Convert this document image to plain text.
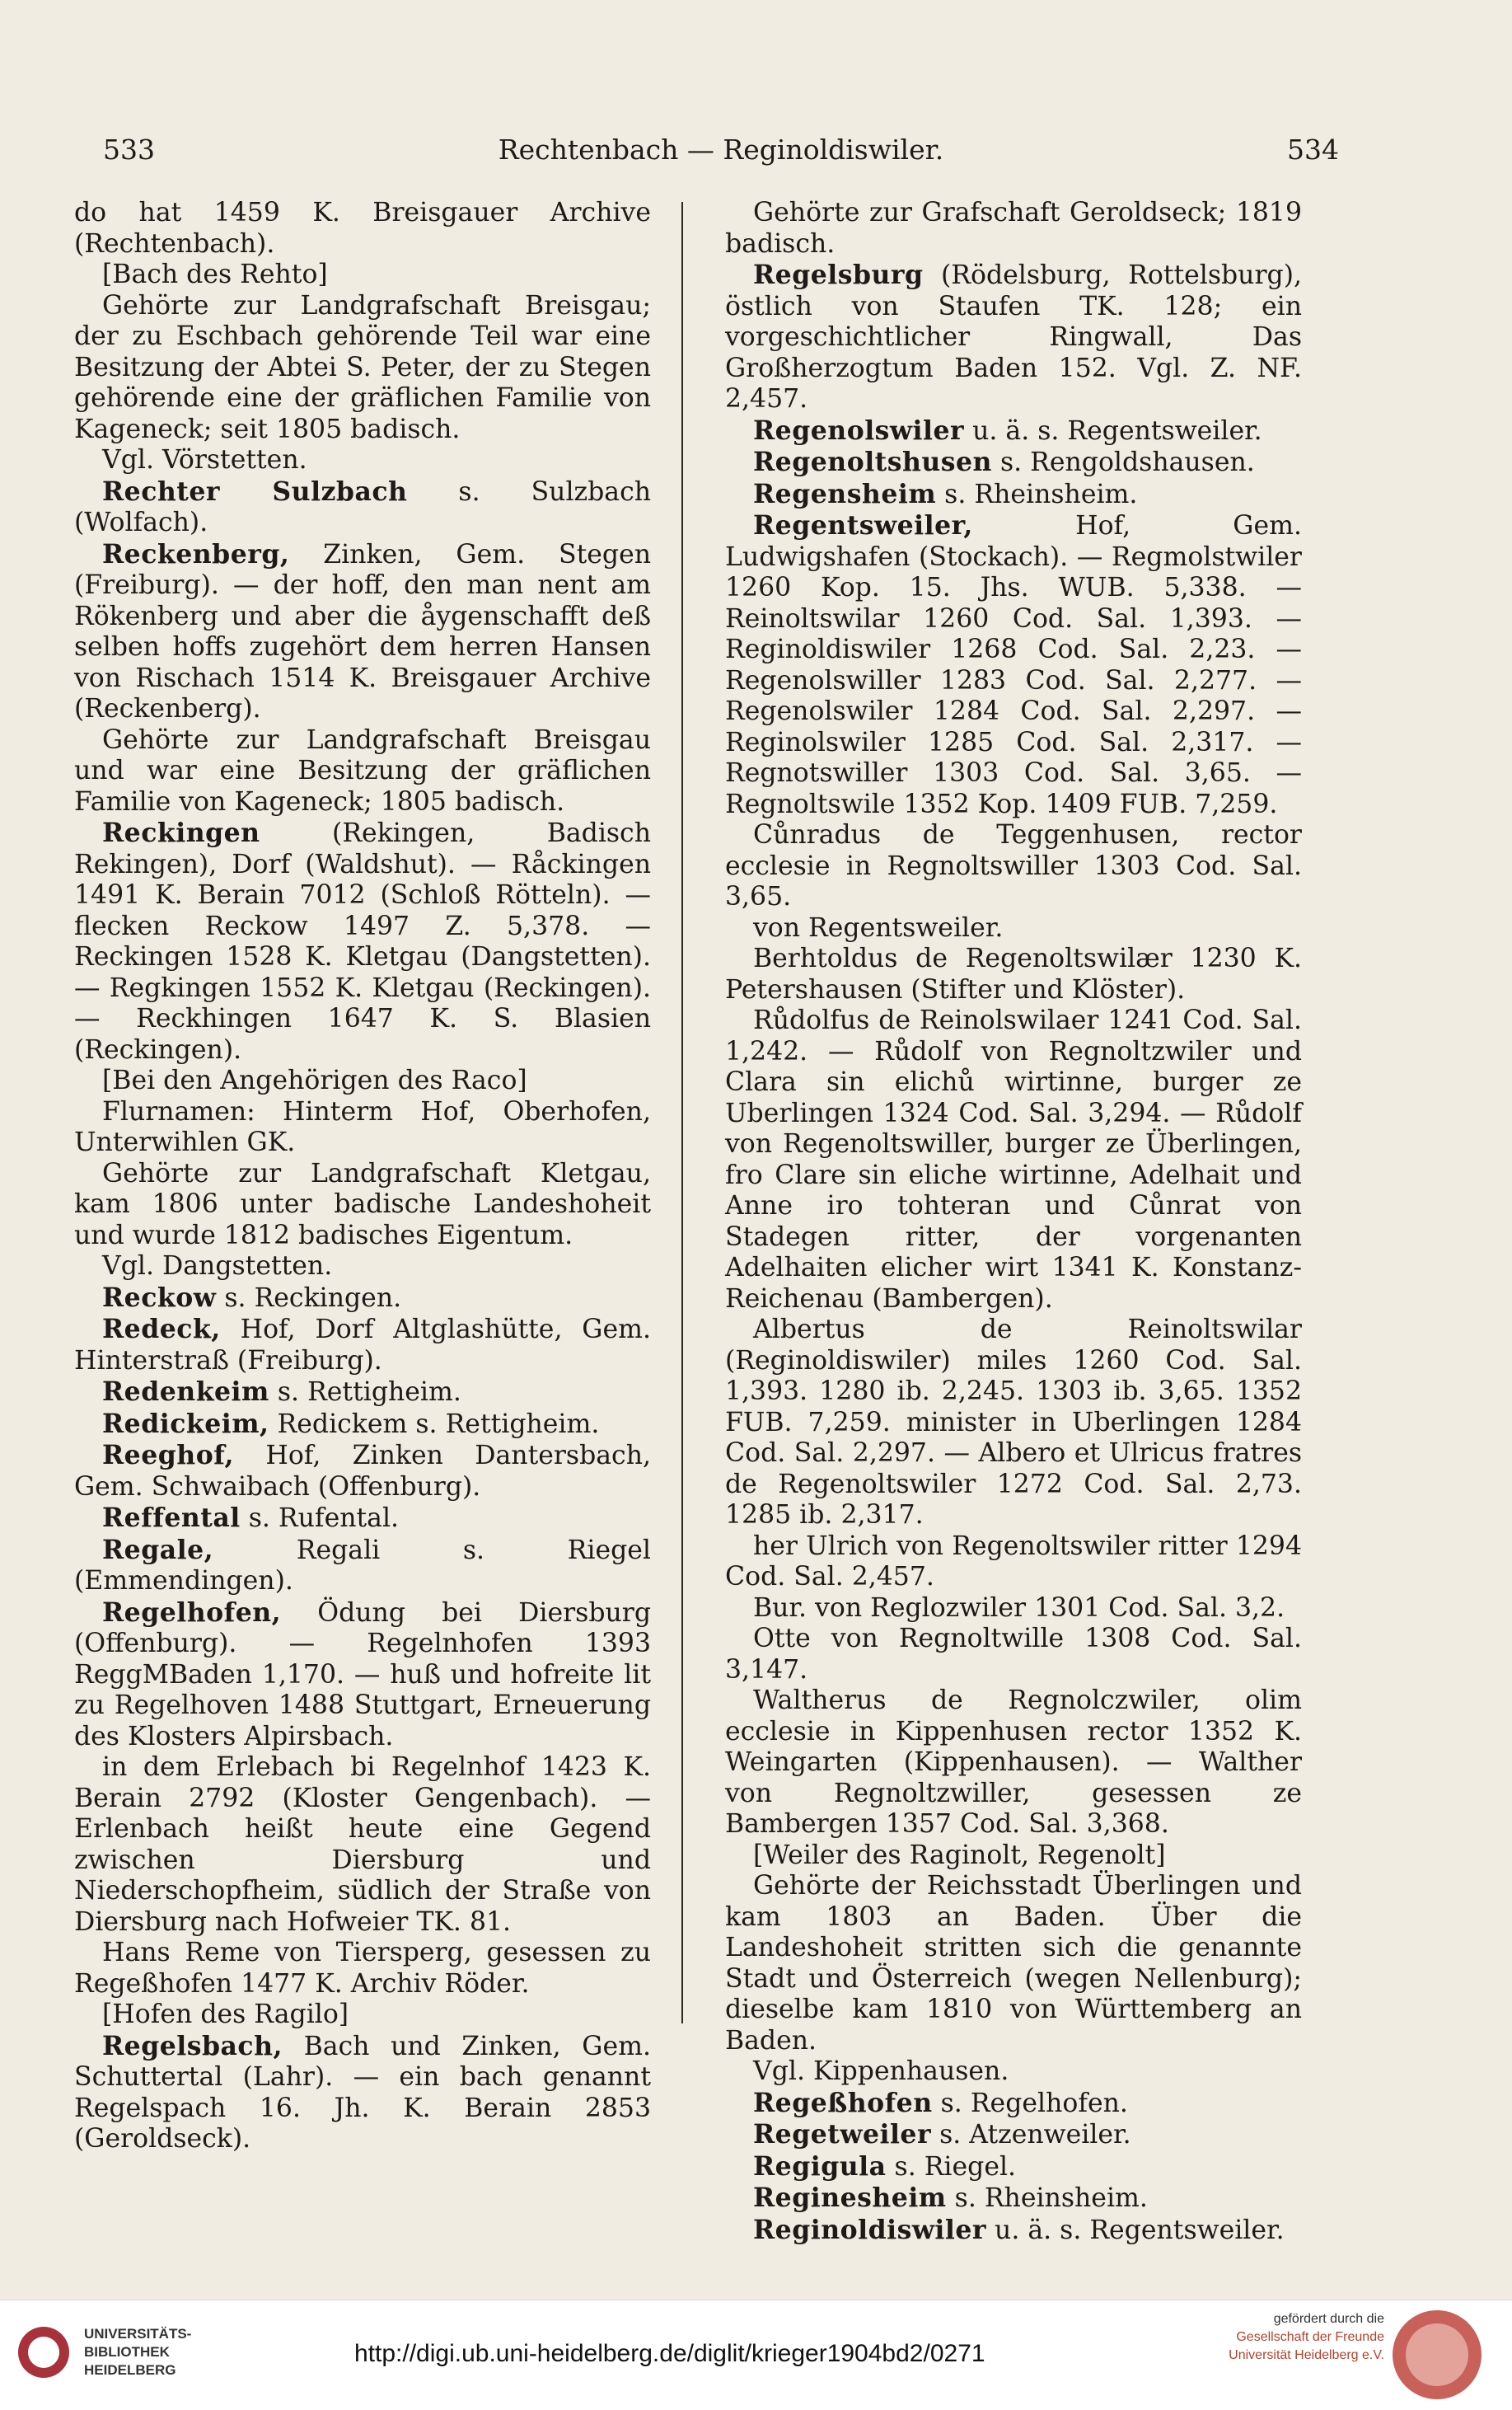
533	Rechtenbach — Reginoldiswiler.	534

do hat 1459 K. Breisgauer Archive (Rechtenbach).

[Bach des Rehto]

Gehörte zur Landgrafschaft Breisgau; der zu Eschbach gehörende Teil war eine Besitzung der Abtei S. Peter, der zu Stegen gehörende eine der gräflichen Familie von Kageneck; seit 1805 badisch.

Vgl. Vörstetten.

Rechter Sulzbach s. Sulzbach (Wolfach).

Reckenberg, Zinken, Gem. Stegen (Freiburg). — der hoff, den man nent am Rökenberg und aber die åygenschafft deß selben hoffs zugehört dem herren Hansen von Rischach 1514 K. Breisgauer Archive (Reckenberg).

Gehörte zur Landgrafschaft Breisgau und war eine Besitzung der gräflichen Familie von Kageneck; 1805 badisch.

Reckingen (Rekingen, Badisch Rekingen), Dorf (Waldshut). — Råckingen 1491 K. Berain 7012 (Schloß Rötteln). — flecken Reckow 1497 Z. 5,378. — Reckingen 1528 K. Kletgau (Dangstetten). — Regkingen 1552 K. Kletgau (Reckingen). — Reckhingen 1647 K. S. Blasien (Reckingen).

[Bei den Angehörigen des Raco]

Flurnamen: Hinterm Hof, Oberhofen, Unterwihlen GK.

Gehörte zur Landgrafschaft Kletgau, kam 1806 unter badische Landeshoheit und wurde 1812 badisches Eigentum.

Vgl. Dangstetten.

Reckow s. Reckingen.

Redeck, Hof, Dorf Altglashütte, Gem. Hinterstraß (Freiburg).

Redenkeim s. Rettigheim.

Redickeim, Redickem s. Rettigheim.

Reeghof, Hof, Zinken Dantersbach, Gem. Schwaibach (Offenburg).

Reffental s. Rufental.

Regale, Regali s. Riegel (Emmendingen).

Regelhofen, Ödung bei Diersburg (Offenburg). — Regelnhofen 1393 ReggMBaden 1,170. — huß und hofreite lit zu Regelhoven 1488 Stuttgart, Erneuerung des Klosters Alpirsbach.

in dem Erlebach bi Regelnhof 1423 K. Berain 2792 (Kloster Gengenbach). — Erlenbach heißt heute eine Gegend zwischen Diersburg und Niederschopfheim, südlich der Straße von Diersburg nach Hofweier TK. 81.

Hans Reme von Tiersperg, gesessen zu Regeßhofen 1477 K. Archiv Röder.

[Hofen des Ragilo]

Regelsbach, Bach und Zinken, Gem. Schuttertal (Lahr). — ein bach genannt Regelspach 16. Jh. K. Berain 2853 (Geroldseck).

Gehörte zur Grafschaft Geroldseck; 1819 badisch.

Regelsburg (Rödelsburg, Rottelsburg), östlich von Staufen TK. 128; ein vorgeschichtlicher Ringwall, Das Großherzogtum Baden 152. Vgl. Z. NF. 2,457.

Regenolswiler u. ä. s. Regentsweiler.

Regenoltshusen s. Rengoldshausen.

Regensheim s. Rheinsheim.

Regentsweiler, Hof, Gem. Ludwigshafen (Stockach). — Regmolstwiler 1260 Kop. 15. Jhs. WUB. 5,338. — Reinoltswilar 1260 Cod. Sal. 1,393. — Reginoldiswiler 1268 Cod. Sal. 2,23. — Regenolswiller 1283 Cod. Sal. 2,277. — Regenolswiler 1284 Cod. Sal. 2,297. — Reginolswiler 1285 Cod. Sal. 2,317. — Regnotswiller 1303 Cod. Sal. 3,65. — Regnoltswile 1352 Kop. 1409 FUB. 7,259.

Cůnradus de Teggenhusen, rector ecclesie in Regnoltswiller 1303 Cod. Sal. 3,65.

von Regentsweiler.

Berhtoldus de Regenoltswilær 1230 K. Petershausen (Stifter und Klöster).

Růdolfus de Reinolswilaer 1241 Cod. Sal. 1,242. — Růdolf von Regnoltzwiler und Clara sin elichů wirtinne, burger ze Uberlingen 1324 Cod. Sal. 3,294. — Růdolf von Regenoltswiller, burger ze Überlingen, fro Clare sin eliche wirtinne, Adelhait und Anne iro tohteran und Cůnrat von Stadegen ritter, der vorgenanten Adelhaiten elicher wirt 1341 K. Konstanz-Reichenau (Bambergen).

Albertus de Reinoltswilar (Reginoldiswiler) miles 1260 Cod. Sal. 1,393. 1280 ib. 2,245. 1303 ib. 3,65. 1352 FUB. 7,259. minister in Uberlingen 1284 Cod. Sal. 2,297. — Albero et Ulricus fratres de Regenoltswiler 1272 Cod. Sal. 2,73. 1285 ib. 2,317.

her Ulrich von Regenoltswiler ritter 1294 Cod. Sal. 2,457.

Bur. von Reglozwiler 1301 Cod. Sal. 3,2.

Otte von Regnoltwille 1308 Cod. Sal. 3,147.

Waltherus de Regnolczwiler, olim ecclesie in Kippenhusen rector 1352 K. Weingarten (Kippenhausen). — Walther von Regnoltzwiller, gesessen ze Bambergen 1357 Cod. Sal. 3,368.

[Weiler des Raginolt, Regenolt]

Gehörte der Reichsstadt Überlingen und kam 1803 an Baden. Über die Landeshoheit stritten sich die genannte Stadt und Österreich (wegen Nellenburg); dieselbe kam 1810 von Württemberg an Baden.

Vgl. Kippenhausen.

Regeßhofen s. Regelhofen.

Regetweiler s. Atzenweiler.

Regigula s. Riegel.

Reginesheim s. Rheinsheim.

Reginoldiswiler u. ä. s. Regentsweiler.

UNIVERSITÄTS-
BIBLIOTHEK
HEIDELBERG
http://digi.ub.uni-heidelberg.de/diglit/krieger1904bd2/0271
gefördert durch die
Gesellschaft der Freunde
Universität Heidelberg e.V.
